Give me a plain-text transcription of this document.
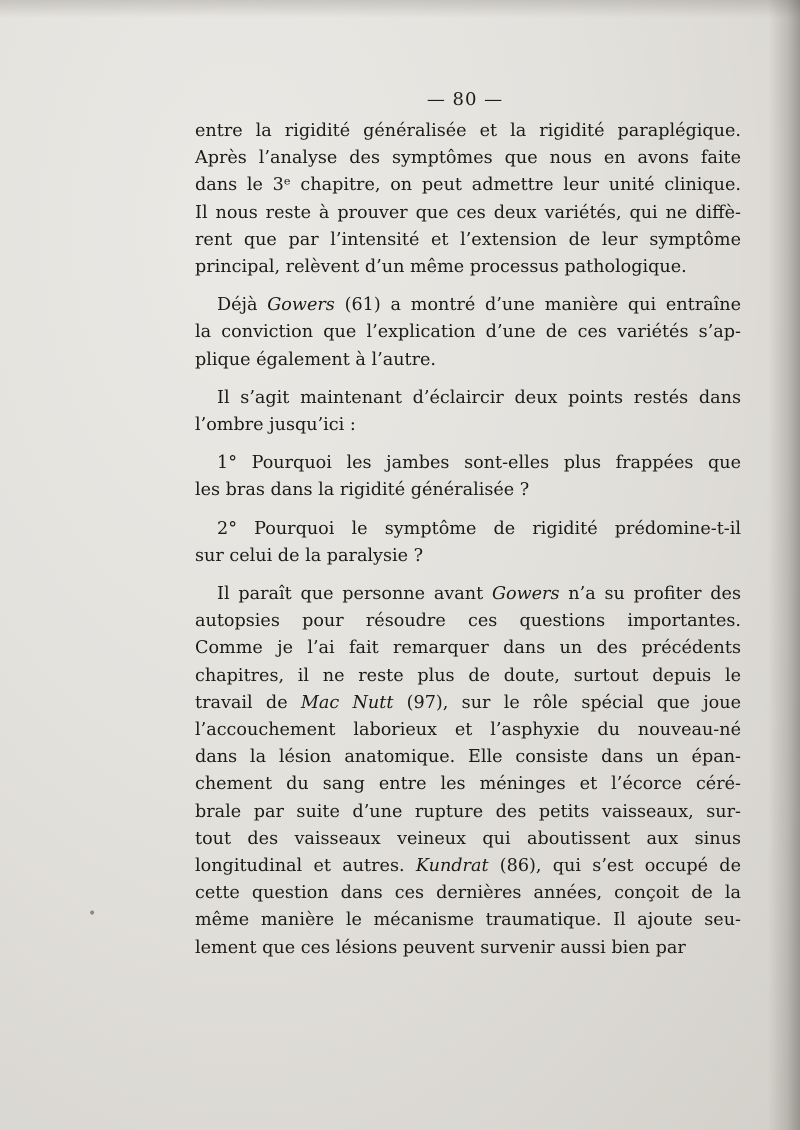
— 80 —
entre la rigidité généralisée et la rigidité paraplégique.
Après l’analyse des symptômes que nous en avons faite
dans le 3ᵉ chapitre, on peut admettre leur unité clinique.
Il nous reste à prouver que ces deux variétés, qui ne diffè-
rent que par l’intensité et l’extension de leur symptôme
principal, relèvent d’un même processus pathologique.
Déjà Gowers (61) a montré d’une manière qui entraîne
la conviction que l’explication d’une de ces variétés s’ap-
plique également à l’autre.
Il s’agit maintenant d’éclaircir deux points restés dans
l’ombre jusqu’ici :
1° Pourquoi les jambes sont-elles plus frappées que
les bras dans la rigidité généralisée ?
2° Pourquoi le symptôme de rigidité prédomine-t-il
sur celui de la paralysie ?
Il paraît que personne avant Gowers n’a su profiter des
autopsies pour résoudre ces questions importantes.
Comme je l’ai fait remarquer dans un des précédents
chapitres, il ne reste plus de doute, surtout depuis le
travail de Mac Nutt (97), sur le rôle spécial que joue
l’accouchement laborieux et l’asphyxie du nouveau-né
dans la lésion anatomique. Elle consiste dans un épan-
chement du sang entre les méninges et l’écorce céré-
brale par suite d’une rupture des petits vaisseaux, sur-
tout des vaisseaux veineux qui aboutissent aux sinus
longitudinal et autres. Kundrat (86), qui s’est occupé de
cette question dans ces dernières années, conçoit de la
même manière le mécanisme traumatique. Il ajoute seu-
lement que ces lésions peuvent survenir aussi bien par
•
